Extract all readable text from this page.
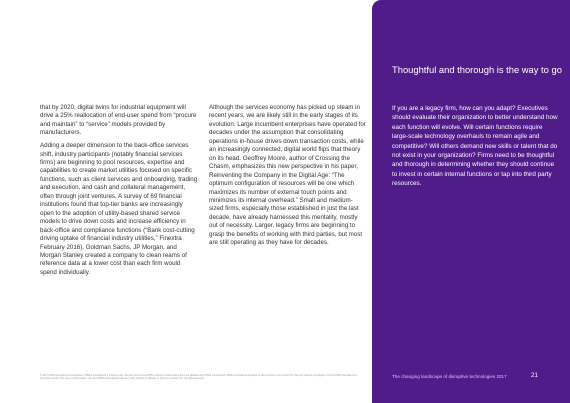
that by 2020, digital twins for industrial equipment will drive a 25% reallocation of end-user spend from “procure and maintain” to “service” models provided by manufacturers.

Adding a deeper dimension to the back-office services shift, industry participants (notably financial services firms) are beginning to pool resources, expertise and capabilities to create market utilities focused on specific functions, such as client services and onboarding, trading and execution, and cash and collateral management, often through joint ventures. A survey of 69 financial institutions found that top-tier banks are increasingly open to the adoption of utility-based shared service models to drive down costs and increase efficiency in back-office and compliance functions (“Bank cost-cutting driving uptake of financial industry utilities,” Finextra February 2016). Goldman Sachs, JP Morgan, and Morgan Stanley created a company to clean reams of reference data at a lower cost than each firm would spend individually.

Although the services economy has picked up steam in recent years, we are likely still in the early stages of its evolution. Large incumbent enterprises have operated for decades under the assumption that consolidating operations in-house drives down transaction costs, while an increasingly connected, digital world flips that theory on its head. Geoffrey Moore, author of Crossing the Chasm, emphasizes this new perspective in his paper, Reinventing the Company in the Digital Age: “The optimum configuration of resources will be one which maximizes its number of external touch points and minimizes its internal overhead.” Small and medium-sized firms, especially those established in just the last decade, have already harnessed this mentality, mostly out of necessity. Larger, legacy firms are beginning to grasp the benefits of working with third parties, but most are still operating as they have for decades.

© 2017 KPMG International Cooperative (“KPMG International”), a Swiss entity. Member firms of the KPMG network of independent firms are affiliated with KPMG International. KPMG International provides no client services. No member firm has any authority to obligate or bind KPMG International or any other member firm vis-à-vis third parties, nor does KPMG International have any such authority to obligate or bind any member firm. All rights reserved.
Thoughtful and thorough is the way to go
If you are a legacy firm, how can you adapt? Executives should evaluate their organization to better understand how each function will evolve. Will certain functions require large-scale technology overhauls to remain agile and competitive? Will others demand new skills or talent that do not exist in your organization? Firms need to be thoughtful and thorough in determining whether they should continue to invest in certain internal functions or tap into third party resources.
The changing landscape of disruptive technologies 2017	21
